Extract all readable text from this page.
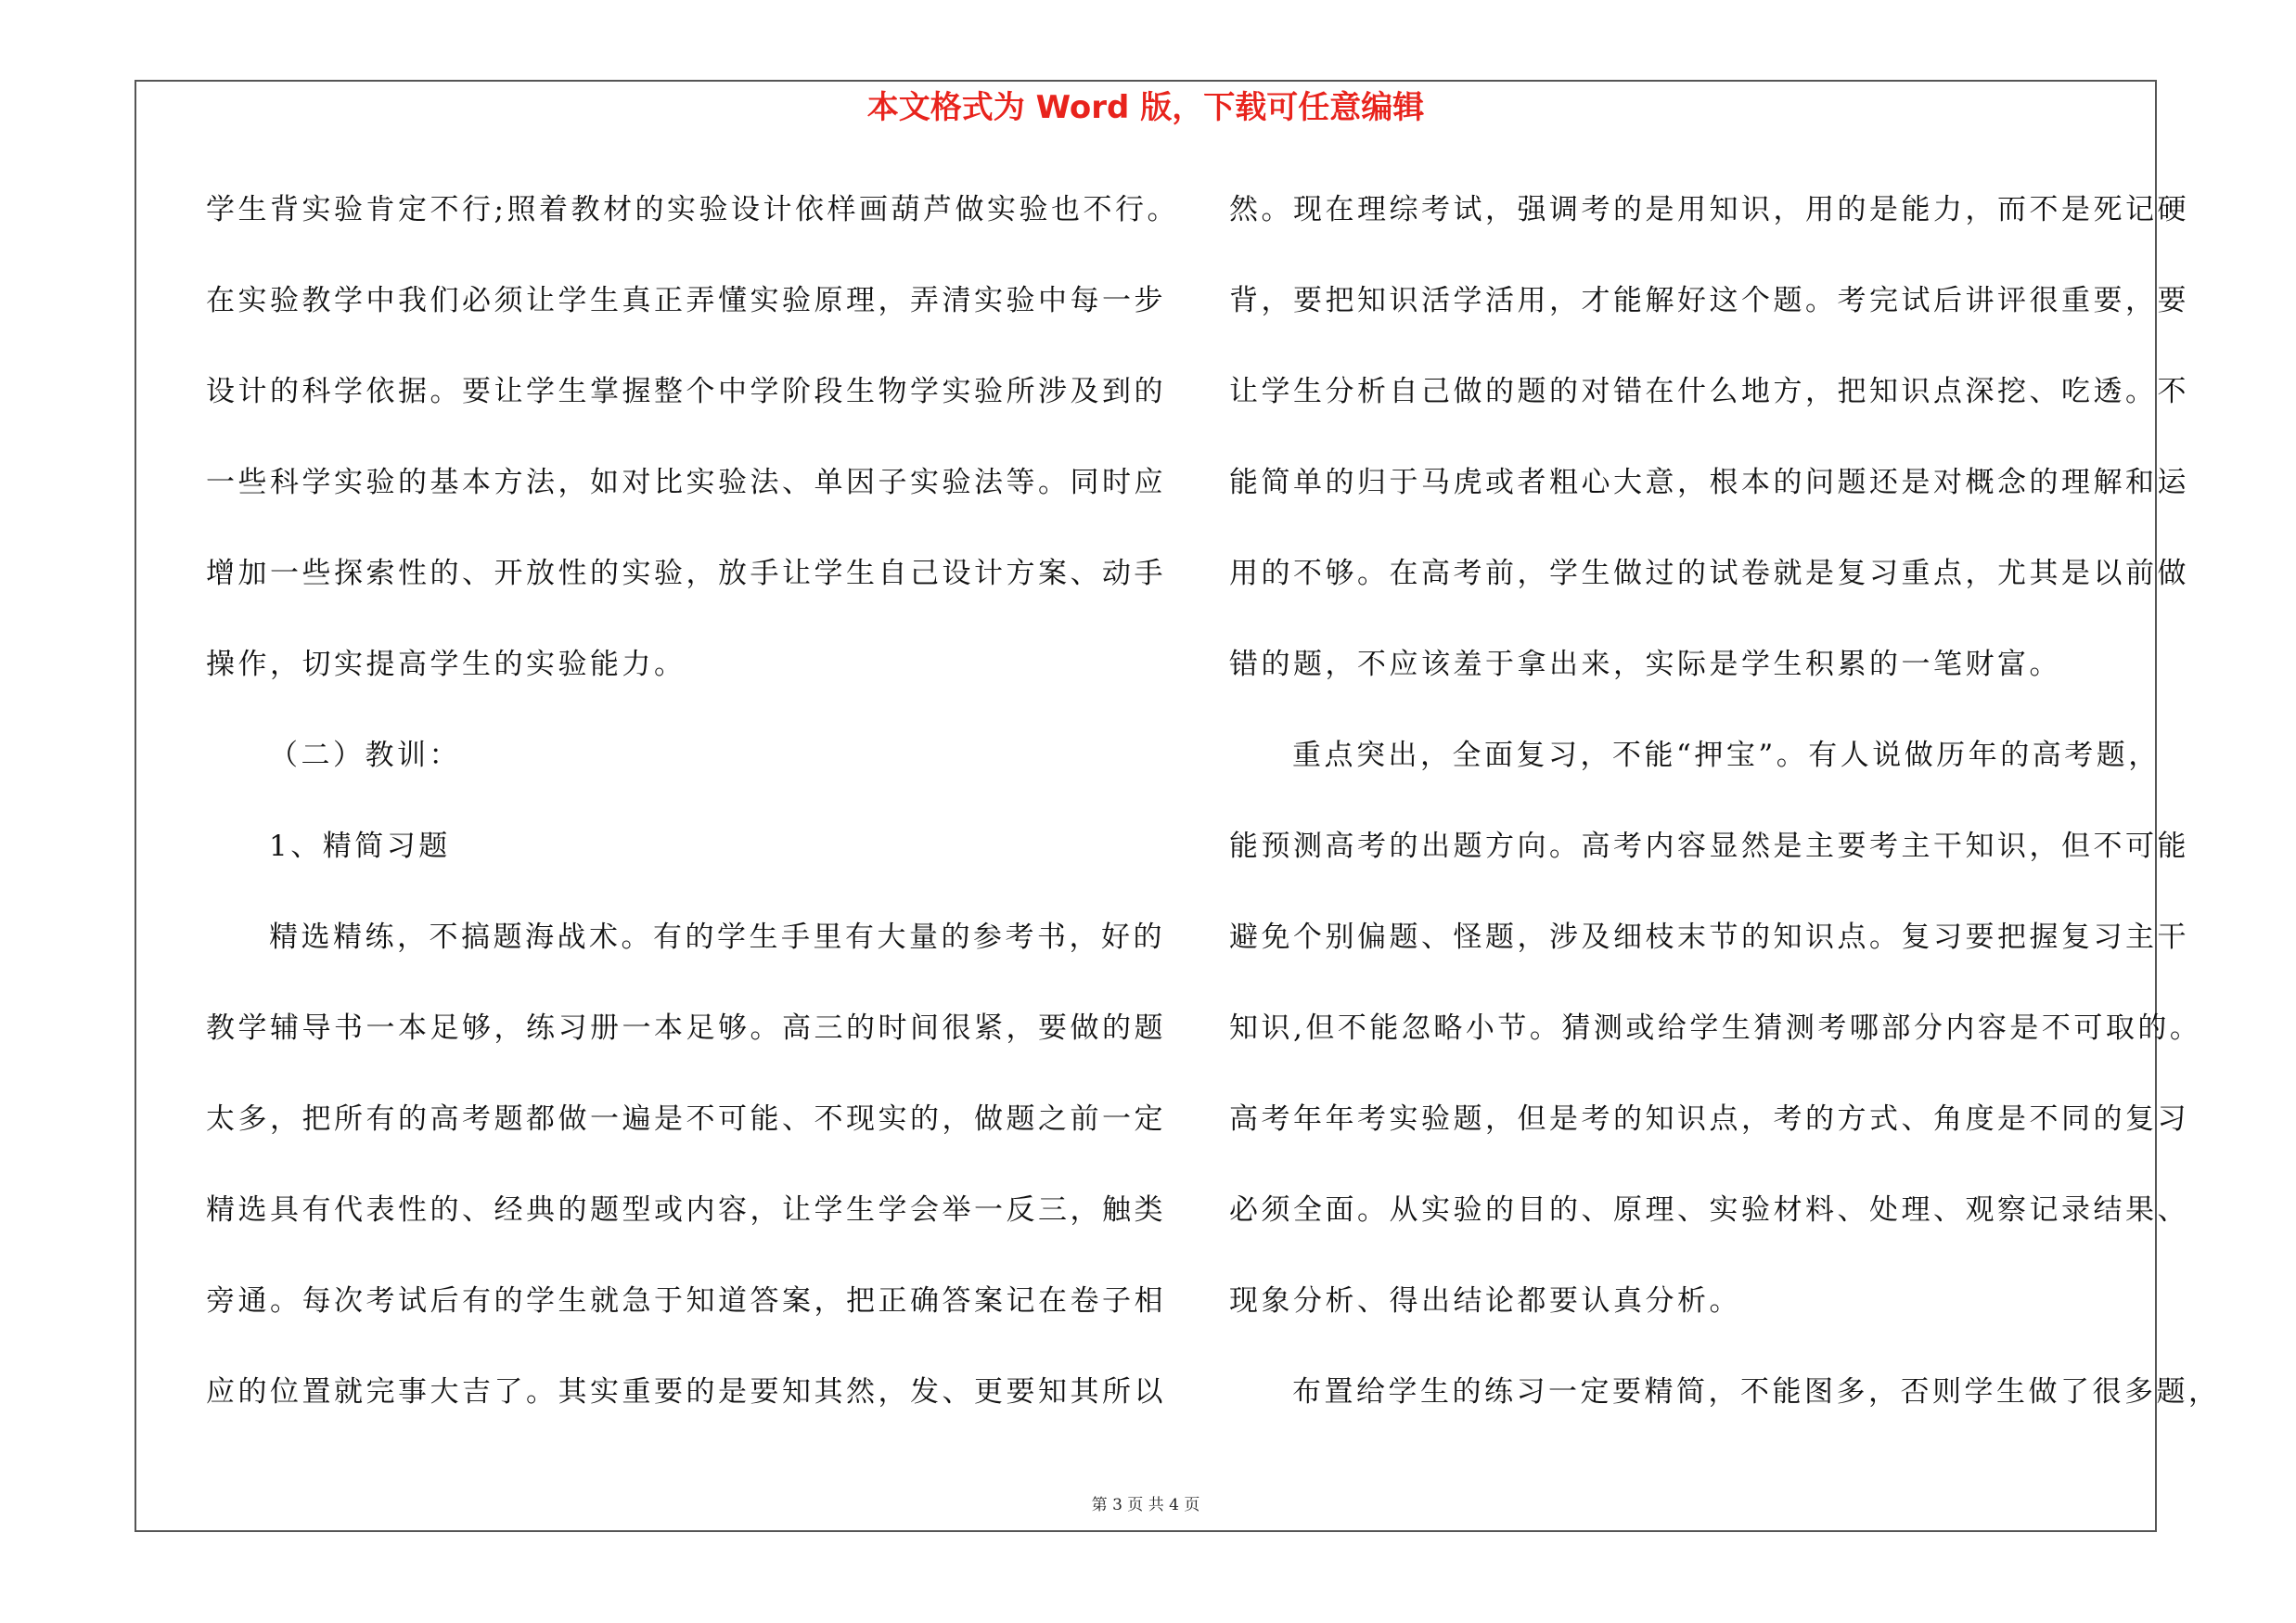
本文格式为 Word 版，下载可任意编辑
学生背实验肯定不行;照着教材的实验设计依样画葫芦做实验也不行。
在实验教学中我们必须让学生真正弄懂实验原理，弄清实验中每一步
设计的科学依据。要让学生掌握整个中学阶段生物学实验所涉及到的
一些科学实验的基本方法，如对比实验法、单因子实验法等。同时应
增加一些探索性的、开放性的实验，放手让学生自己设计方案、动手
操作，切实提高学生的实验能力。
（二）教训：
1、精简习题
精选精练，不搞题海战术。有的学生手里有大量的参考书，好的
教学辅导书一本足够，练习册一本足够。高三的时间很紧，要做的题
太多，把所有的高考题都做一遍是不可能、不现实的，做题之前一定
精选具有代表性的、经典的题型或内容，让学生学会举一反三，触类
旁通。每次考试后有的学生就急于知道答案，把正确答案记在卷子相
应的位置就完事大吉了。其实重要的是要知其然，发、更要知其所以
然。现在理综考试，强调考的是用知识，用的是能力，而不是死记硬
背，要把知识活学活用，才能解好这个题。考完试后讲评很重要，要
让学生分析自己做的题的对错在什么地方，把知识点深挖、吃透。不
能简单的归于马虎或者粗心大意，根本的问题还是对概念的理解和运
用的不够。在高考前，学生做过的试卷就是复习重点，尤其是以前做
错的题，不应该羞于拿出来，实际是学生积累的一笔财富。
重点突出，全面复习，不能“押宝”。有人说做历年的高考题，
能预测高考的出题方向。高考内容显然是主要考主干知识，但不可能
避免个别偏题、怪题，涉及细枝末节的知识点。复习要把握复习主干
知识,但不能忽略小节。猜测或给学生猜测考哪部分内容是不可取的。
高考年年考实验题，但是考的知识点，考的方式、角度是不同的复习
必须全面。从实验的目的、原理、实验材料、处理、观察记录结果、
现象分析、得出结论都要认真分析。
布置给学生的练习一定要精简，不能图多，否则学生做了很多题，
第 3 页 共 4 页
